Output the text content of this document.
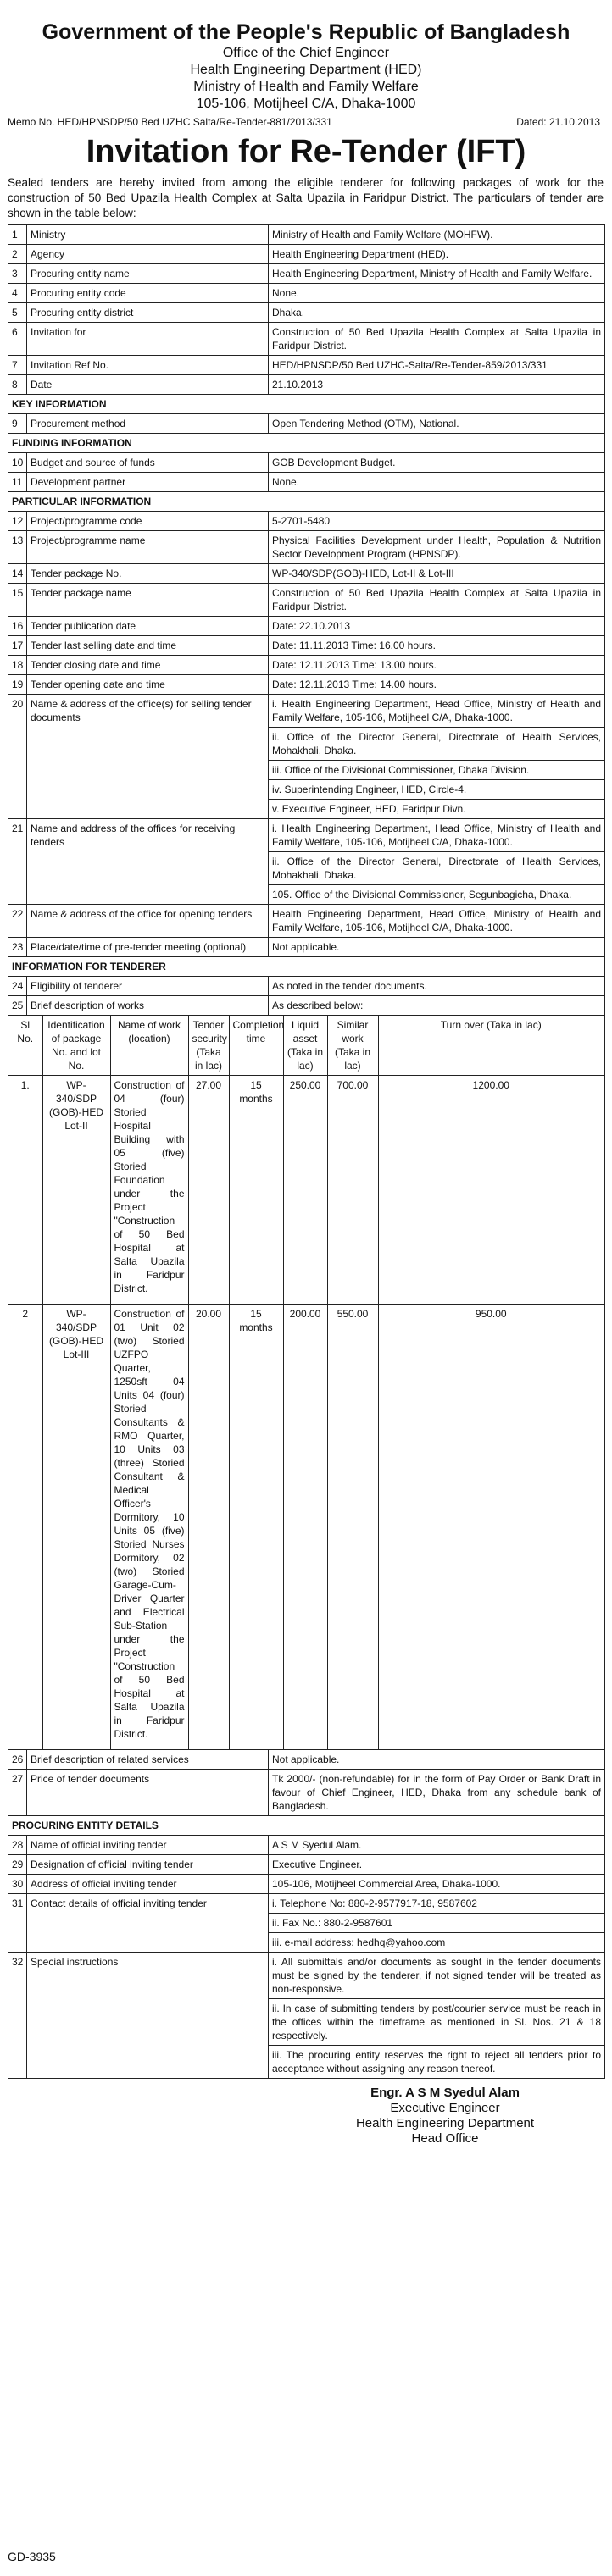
Government of the People's Republic of Bangladesh
Office of the Chief Engineer
Health Engineering Department (HED)
Ministry of Health and Family Welfare
105-106, Motijheel C/A, Dhaka-1000
Memo No. HED/HPNSDP/50 Bed UZHC Salta/Re-Tender-881/2013/331	Dated: 21.10.2013
Invitation for Re-Tender (IFT)
Sealed tenders are hereby invited from among the eligible tenderer for following packages of work for the construction of 50 Bed Upazila Health Complex at Salta Upazila in Faridpur District. The particulars of tender are shown in the table below:
1	Ministry	Ministry of Health and Family Welfare (MOHFW).
2	Agency	Health Engineering Department (HED).
3	Procuring entity name	Health Engineering Department, Ministry of Health and Family Welfare.
4	Procuring entity code	None.
5	Procuring entity district	Dhaka.
6	Invitation for	Construction of 50 Bed Upazila Health Complex at Salta Upazila in Faridpur District.
7	Invitation Ref No.	HED/HPNSDP/50 Bed UZHC-Salta/Re-Tender-859/2013/331
8	Date	21.10.2013
KEY INFORMATION
9	Procurement method	Open Tendering Method (OTM), National.
FUNDING INFORMATION
10	Budget and source of funds	GOB Development Budget.
11	Development partner	None.
PARTICULAR INFORMATION
12	Project/programme code	5-2701-5480
13	Project/programme name	Physical Facilities Development under Health, Population & Nutrition Sector Development Program (HPNSDP).
14	Tender package No.	WP-340/SDP(GOB)-HED, Lot-II & Lot-III
15	Tender package name	Construction of 50 Bed Upazila Health Complex at Salta Upazila in Faridpur District.
16	Tender publication date	Date: 22.10.2013
17	Tender last selling date and time	Date: 11.11.2013 Time: 16.00 hours.
18	Tender closing date and time	Date: 12.11.2013 Time: 13.00 hours.
19	Tender opening date and time	Date: 12.11.2013 Time: 14.00 hours.
20	Name & address of the office(s) for selling tender documents	
i. Health Engineering Department, Head Office, Ministry of Health and Family Welfare, 105-106, Motijheel C/A, Dhaka-1000.
ii. Office of the Director General, Directorate of Health Services, Mohakhali, Dhaka.
iii. Office of the Divisional Commissioner, Dhaka Division.
iv. Superintending Engineer, HED, Circle-4.
v. Executive Engineer, HED, Faridpur Divn.

21	Name and address of the offices for receiving tenders	
i. Health Engineering Department, Head Office, Ministry of Health and Family Welfare, 105-106, Motijheel C/A, Dhaka-1000.
ii. Office of the Director General, Directorate of Health Services, Mohakhali, Dhaka.
105. Office of the Divisional Commissioner, Segunbagicha, Dhaka.

22	Name & address of the office for opening tenders	Health Engineering Department, Head Office, Ministry of Health and Family Welfare, 105-106, Motijheel C/A, Dhaka-1000.
23	Place/date/time of pre-tender meeting (optional)	Not applicable.
INFORMATION FOR TENDERER
24	Eligibility of tenderer	As noted in the tender documents.
25	Brief description of works	As described below:

Sl No.	Identification of package No. and lot No.	Name of work (location)	Tender security (Taka in lac)	Completion time	Liquid asset (Taka in lac)	Similar work (Taka in lac)	Turn over (Taka in lac)
1.	WP-340/SDP (GOB)-HED Lot-II	Construction of 04 (four) Storied Hospital Building with 05 (five) Storied Foundation under the Project "Construction of 50 Bed Hospital at Salta Upazila in Faridpur District.	27.00	15 months	250.00	700.00	1200.00
2	WP-340/SDP (GOB)-HED Lot-III	Construction of 01 Unit 02 (two) Storied UZFPO Quarter, 1250sft 04 Units 04 (four) Storied Consultants & RMO Quarter, 10 Units 03 (three) Storied Consultant & Medical Officer's Dormitory, 10 Units 05 (five) Storied Nurses Dormitory, 02 (two) Storied Garage-Cum-Driver Quarter and Electrical Sub-Station under the Project "Construction of 50 Bed Hospital at Salta Upazila in Faridpur District.	20.00	15 months	200.00	550.00	950.00

26	Brief description of related services	Not applicable.
27	Price of tender documents	Tk 2000/- (non-refundable) for in the form of Pay Order or Bank Draft in favour of Chief Engineer, HED, Dhaka from any schedule bank of Bangladesh.
PROCURING ENTITY DETAILS
28	Name of official inviting tender	A S M Syedul Alam.
29	Designation of official inviting tender	Executive Engineer.
30	Address of official inviting tender	105-106, Motijheel Commercial Area, Dhaka-1000.
31	Contact details of official inviting tender		i. Telephone No: 880-2-9577917-18, 9587602
ii. Fax No.: 880-2-9587601
iii. e-mail address: hedhq@yahoo.com

32	Special instructions		i. All submittals and/or documents as sought in the tender documents must be signed by the tenderer, if not signed tender will be treated as non-responsive.
ii. In case of submitting tenders by post/courier service must be reach in the offices within the timeframe as mentioned in Sl. Nos. 21 & 18 respectively.
iii. The procuring entity reserves the right to reject all tenders prior to acceptance without assigning any reason thereof.
Engr. A S M Syedul Alam
Executive Engineer
Health Engineering Department
Head Office
GD-3935
